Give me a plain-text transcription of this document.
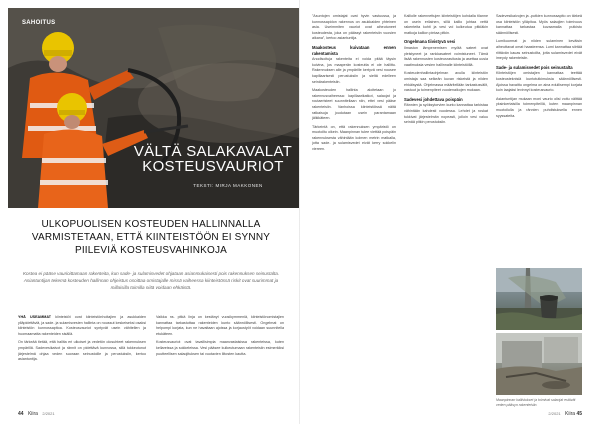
SAHOITUS
VÄLTÄ SALAKAVALAT KOSTEUSVAURIOT
TEKSTI: MIRJA MAKKONEN
ULKOPUOLISEN KOSTEUDEN HALLINNALLA VARMISTETAAN, ETTÄ KIINTEISTÖÖN EI SYNNY PIILEVIÄ KOSTEUSVAHINKOJA
Kostea ei pääse vaurioittamaan rakenteita, kun sade- ja sulamisvedet ohjataan asianmukaisesti pois rakennuksen seinustalta. Asiantuntijan tekemä kosteuden hallinnan ohjeistus osoittaa omistajalle missä vaiheessa kiinteistössä riskit ovat suurimmat ja millaisilla toimilla niitä voidaan ehkäistä.

YHÄ USEAMMAT kiinteistöt ovat kiinteistönhoitajien ja asukkaiden ylläpidettäviä, ja sade- ja sulamisvesien hallinta on noussut keskeiseksi osaksi kiinteistön kunnossapitoa. Kosteusvauriot syntyvät usein vähitellen ja huomaamatta rakenteiden sisällä.

On tärkeää tietää, että hallita eri ulkoiset ja vedetön olosuhteet rakennuksen ympärillä. Sadevesikaivot ja rännit on pidettävä kunnossa, sillä tukkeutunut järjestelmä ohjaa veden suoraan seinustoille ja perustuksiin, kertoo asiantuntija.

Vaikka ns. pitkä linja on kestänyt vuosikymmeniä, kiinteistönomistajien kannattaa tarkastuttaa rakenteiden kunto säännöllisesti. Ongelmat on helpompi korjata, kun ne havaitaan ajoissa ja korjaustyöt voidaan suunnitella etukäteen.

Kosteusvauriot ovat tavallisimpia maanvastaisissa rakenteissa, kuten kellareissa ja sokkeleissa. Vesi pääsee kulkeutumaan rakenteisiin esimerkiksi puutteellisen salaojituksen tai vuotavien liitosten kautta.

44 Kiira 2/2021

"Asuntojen omistajat ovat hyvin vastuussa, ja kunnossapidon rakennus on asukkaiden yhteinen asia. Useimmiten vauriot ovat aiheutuneet kosteudesta, joka on päässyt rakenteisiin vuosien aikana", kertoo asiantuntija.

Maakosteus kuivataan ennen rakentamista

Anodisoituja rakenteita ei voida pitää täysin kuivina, jos maaperän kosteutta ei ole hallittu. Rakennuksen alle ja ympärille kertyvä vesi nousee kapillaarisesti perustuksiin ja sieltä edelleen seinärakenteisiin.

Maakosteuden hallinta aloitetaan jo rakennusvaiheessa: kapillaarikatkot, salaojat ja routaeristeet suunnitellaan niin, ettei vesi pääse rakenteisiin. Vanhoissa kiinteistöissä näitä ratkaisuja joudutaan usein parantamaan jälkikäteen.

Tärkeintä on, että rakennuksen ympäristö on muotoiltu oikein. Maanpinnan tulee viettää poispäin rakennuksesta vähintään kolmen metrin matkalla, jotta sade- ja sulamisvedet eivät kerry sokkelin viereen.

Kalliolle rakennettujen kiinteistöjen kohdalla tilanne on usein erilainen, sillä kallio johtaa vettä rakenteita kohti ja vesi voi kulkeutua pitkiäkin matkoja kallion pintaa pitkin.

Ongelmana tiivistyvä vesi

Ilmaston lämpenemisen myötä sateet ovat yleistyneet ja rankkasateet voimistuneet. Tämä lisää rakennusten kosteusrasitusta ja asettaa uusia vaatimuksia vesien hallinnalle kiinteistöillä.

Kosteudenhallintaohjelman avulla kiinteistön omistaja saa selkeän kuvan riskeistä ja niiden ehkäisystä. Ohjelmassa määritellään tarkastusvälit, vastuut ja toimenpiteet vuodenaikojen mukaan.

Sadevesi johdettava poispäin

Rännien ja syöksytorvien kunto kannattaa tarkistaa vähintään kahdesti vuodessa. Lehdet ja roskat tukkivat järjestelmän nopeasti, jolloin vesi valuu seinää pitkin perustuksiin.

Sadevesikaivojen ja -putkien kunnossapito on tärkeä osa kiinteistön ylläpitoa. Myös salaojien toimivuus kannattaa tarkastaa kuvaamalla putkisto säännöllisesti.

Lumikuormat ja niiden sulaminen keväisin aiheuttavat omat haasteensa. Lumi kannattaa siirtää riittävän kauas seinustoilta, jotta sulamisvedet eivät imeydy rakenteisiin.

Sade- ja sulamisvedet pois seinustalta

Kiinteistöjen omistajien kannattaa teettää kosteusteknisiä kuntotutkimuksia säännöllisesti. Ajoissa havaittu ongelma on aina edullisempi korjata kuin laajaksi levinnyt kosteusvaurio.

Asiantuntijan mukaan moni vaurio olisi voitu välttää yksinkertaisilla toimenpiteillä, kuten maanpinnan muotoilulla ja rännien puhdistuksella ennen syyssateita.

Maanpinnan kallistukset ja toimivat salaojat estävät veden pääsyn rakenteisiin.
2/2021 Kiira 45
